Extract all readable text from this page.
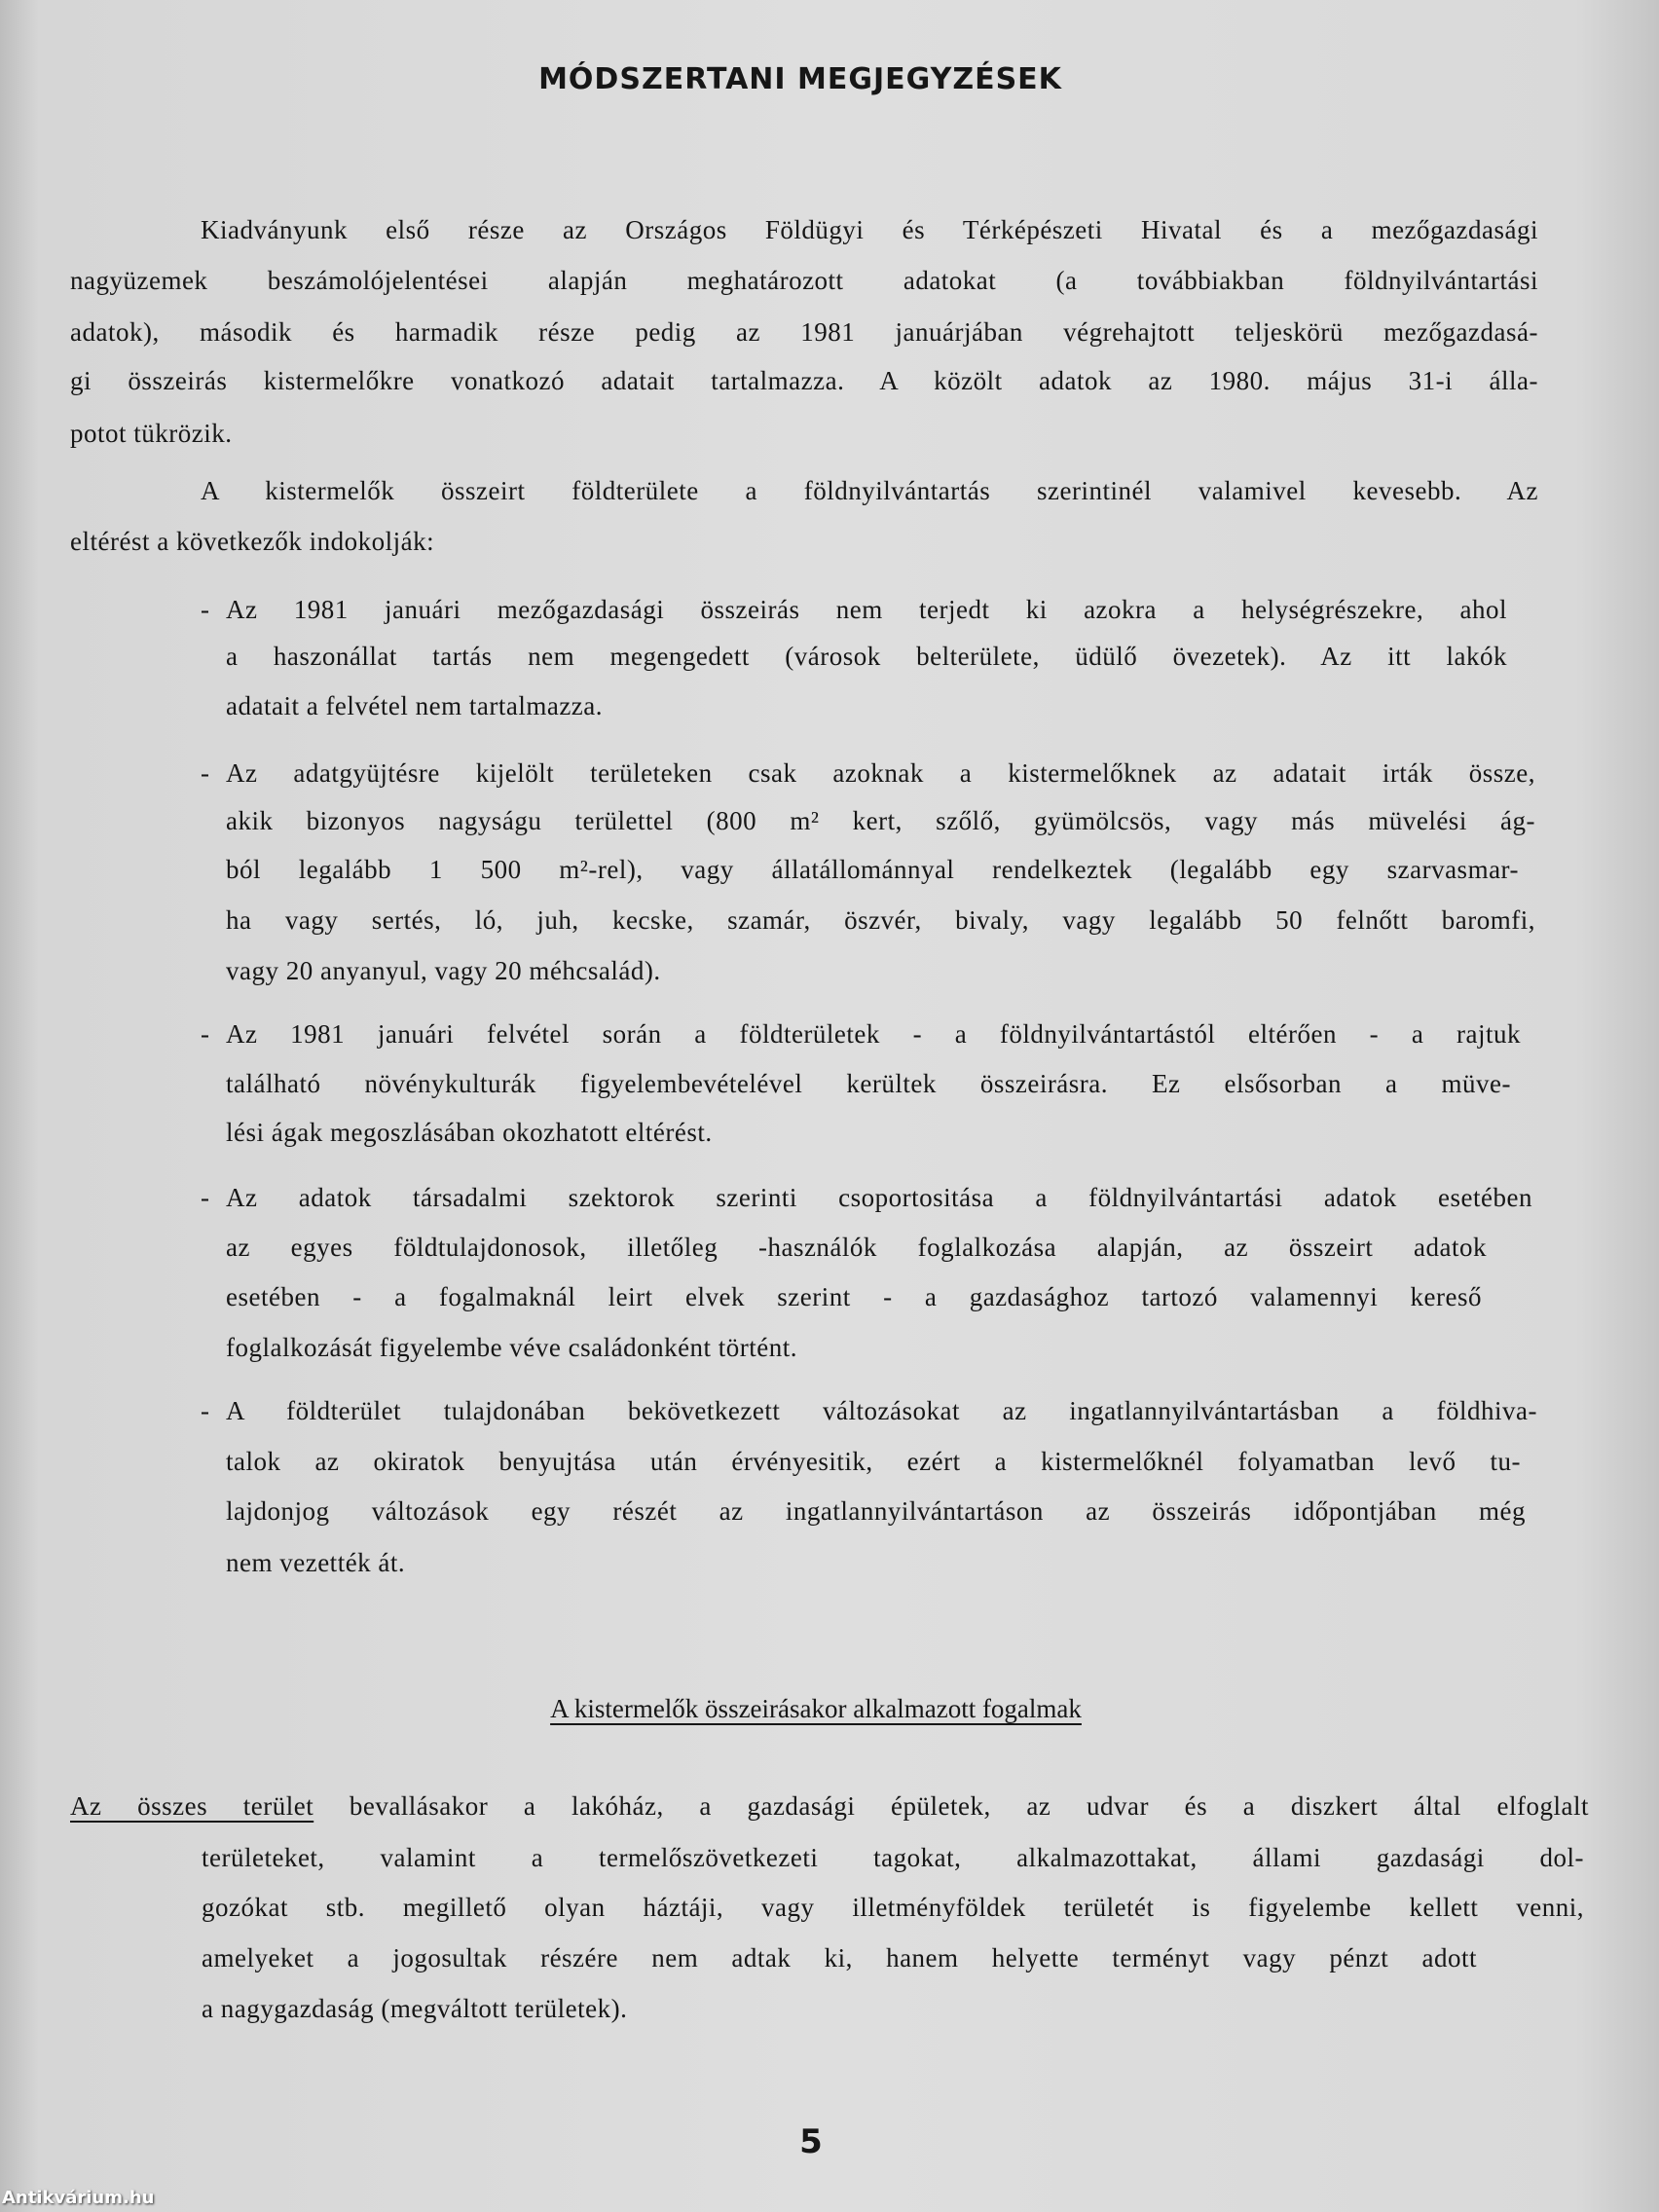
MÓDSZERTANI MEGJEGYZÉSEK
-
-
-
-
-
Kiadványunk első része az Országos Földügyi és Térképészeti Hivatal és a mezőgazdasági
nagyüzemek beszámolójelentései alapján meghatározott adatokat (a továbbiakban földnyilvántartási
adatok), második és harmadik része pedig az 1981 januárjában végrehajtott teljeskörü mezőgazdasá-
gi összeirás kistermelőkre vonatkozó adatait tartalmazza. A közölt adatok az 1980. május 31-i álla-
potot tükrözik.
A kistermelők összeirt földterülete a földnyilvántartás szerintinél valamivel kevesebb. Az
eltérést a következők indokolják:
Az 1981 januári mezőgazdasági összeirás nem terjedt ki azokra a helységrészekre, ahol
a haszonállat tartás nem megengedett (városok belterülete, üdülő övezetek). Az itt lakók
adatait a felvétel nem tartalmazza.
Az adatgyüjtésre kijelölt területeken csak azoknak a kistermelőknek az adatait irták össze,
akik bizonyos nagyságu területtel (800 m² kert, szőlő, gyümölcsös, vagy más müvelési ág-
ból legalább 1 500 m²-rel), vagy állatállománnyal rendelkeztek (legalább egy szarvasmar-
ha vagy sertés, ló, juh, kecske, szamár, öszvér, bivaly, vagy legalább 50 felnőtt baromfi,
vagy 20 anyanyul, vagy 20 méhcsalád).
Az 1981 januári felvétel során a földterületek - a földnyilvántartástól eltérően - a rajtuk
található növénykulturák figyelembevételével kerültek összeirásra. Ez elsősorban a müve-
lési ágak megoszlásában okozhatott eltérést.
Az adatok társadalmi szektorok szerinti csoportositása a földnyilvántartási adatok esetében
az egyes földtulajdonosok, illetőleg -használók foglalkozása alapján, az összeirt adatok
esetében - a fogalmaknál leirt elvek szerint - a gazdasághoz tartozó valamennyi kereső
foglalkozását figyelembe véve családonként történt.
A földterület tulajdonában bekövetkezett változásokat az ingatlannyilvántartásban a földhiva-
talok az okiratok benyujtása után érvényesitik, ezért a kistermelőknél folyamatban levő tu-
lajdonjog változások egy részét az ingatlannyilvántartáson az összeirás időpontjában még
nem vezették át.
területeket, valamint a termelőszövetkezeti tagokat, alkalmazottakat, állami gazdasági dol-
gozókat stb. megillető olyan háztáji, vagy illetményföldek területét is figyelembe kellett venni,
amelyeket a jogosultak részére nem adtak ki, hanem helyette terményt vagy pénzt adott
a nagygazdaság (megváltott területek).
A kistermelők összeirásakor alkalmazott fogalmak
Az összes terület bevallásakor a lakóház, a gazdasági épületek, az udvar és a diszkert által elfoglalt
5
Antikvárium.hu
